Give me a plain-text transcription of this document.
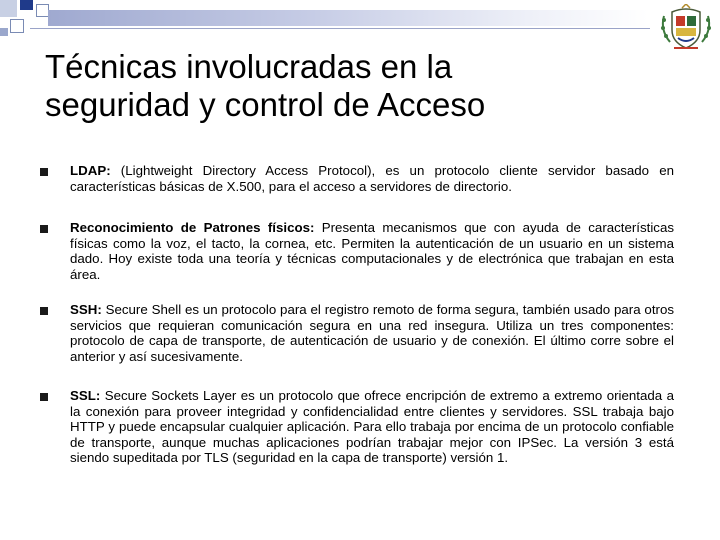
Técnicas involucradas en la
seguridad y control de Acceso
LDAP: (Lightweight Directory Access Protocol), es un protocolo cliente servidor basado en características básicas de X.500, para el acceso a servidores de directorio.
Reconocimiento de Patrones físicos: Presenta mecanismos que con ayuda de características físicas como la voz, el tacto, la cornea, etc. Permiten la autenticación de un usuario en un sistema dado. Hoy existe toda una teoría y técnicas computacionales y de electrónica que trabajan en esta área.
SSH: Secure Shell es un protocolo para el registro remoto de forma segura, también usado para otros servicios que requieran comunicación segura en una red insegura. Utiliza un tres componentes: protocolo de capa de transporte, de autenticación de usuario y de conexión. El último corre sobre el anterior y así sucesivamente.
SSL: Secure Sockets Layer es un protocolo que ofrece encripción de extremo a extremo orientada a la conexión para proveer integridad y confidencialidad entre clientes y servidores. SSL trabaja bajo HTTP y puede encapsular cualquier aplicación. Para ello trabaja por encima de un protocolo confiable de transporte, aunque muchas aplicaciones podrían trabajar mejor con IPSec. La versión 3 está siendo supeditada por TLS (seguridad en la capa de transporte) versión 1.
